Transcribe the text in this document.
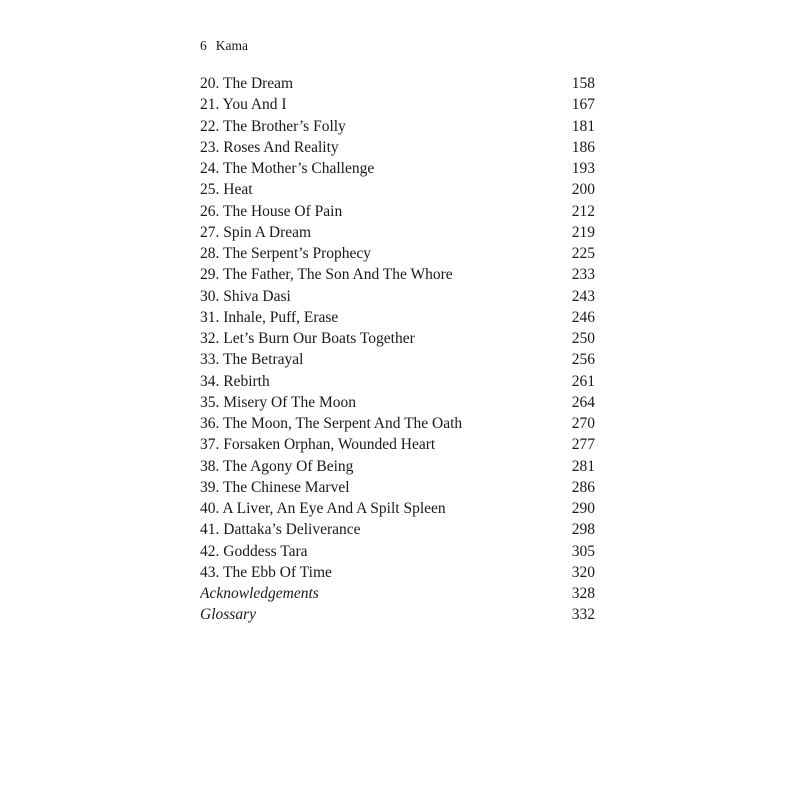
6 Kama
20. The Dream	158
21. You And I	167
22. The Brother’s Folly	181
23. Roses And Reality	186
24. The Mother’s Challenge	193
25. Heat	200
26. The House Of Pain	212
27. Spin A Dream	219
28. The Serpent’s Prophecy	225
29. The Father, The Son And The Whore	233
30. Shiva Dasi	243
31. Inhale, Puff, Erase	246
32. Let’s Burn Our Boats Together	250
33. The Betrayal	256
34. Rebirth	261
35. Misery Of The Moon	264
36. The Moon, The Serpent And The Oath	270
37. Forsaken Orphan, Wounded Heart	277
38. The Agony Of Being	281
39. The Chinese Marvel	286
40. A Liver, An Eye And A Spilt Spleen	290
41. Dattaka’s Deliverance	298
42. Goddess Tara	305
43. The Ebb Of Time	320
Acknowledgements	328
Glossary	332
